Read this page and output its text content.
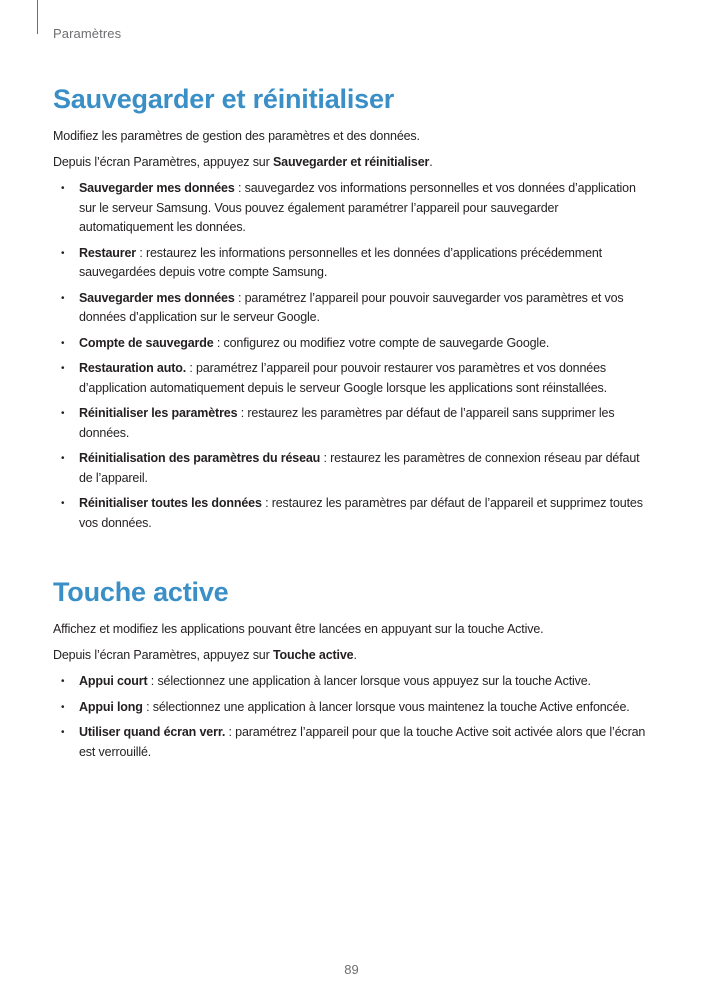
Paramètres
Sauvegarder et réinitialiser

Modifiez les paramètres de gestion des paramètres et des données.

Depuis l’écran Paramètres, appuyez sur Sauvegarder et réinitialiser.

• Sauvegarder mes données : sauvegardez vos informations personnelles et vos données d’application sur le serveur Samsung. Vous pouvez également paramétrer l’appareil pour sauvegarder automatiquement les données.
• Restaurer : restaurez les informations personnelles et les données d’applications précédemment sauvegardées depuis votre compte Samsung.
• Sauvegarder mes données : paramétrez l’appareil pour pouvoir sauvegarder vos paramètres et vos données d’application sur le serveur Google.
• Compte de sauvegarde : configurez ou modifiez votre compte de sauvegarde Google.
• Restauration auto. : paramétrez l’appareil pour pouvoir restaurer vos paramètres et vos données d’application automatiquement depuis le serveur Google lorsque les applications sont réinstallées.
• Réinitialiser les paramètres : restaurez les paramètres par défaut de l’appareil sans supprimer les données.
• Réinitialisation des paramètres du réseau : restaurez les paramètres de connexion réseau par défaut de l’appareil.
• Réinitialiser toutes les données : restaurez les paramètres par défaut de l’appareil et supprimez toutes vos données.
Touche active

Affichez et modifiez les applications pouvant être lancées en appuyant sur la touche Active.

Depuis l’écran Paramètres, appuyez sur Touche active.

• Appui court : sélectionnez une application à lancer lorsque vous appuyez sur la touche Active.
• Appui long : sélectionnez une application à lancer lorsque vous maintenez la touche Active enfoncée.
• Utiliser quand écran verr. : paramétrez l’appareil pour que la touche Active soit activée alors que l’écran est verrouillé.
89
